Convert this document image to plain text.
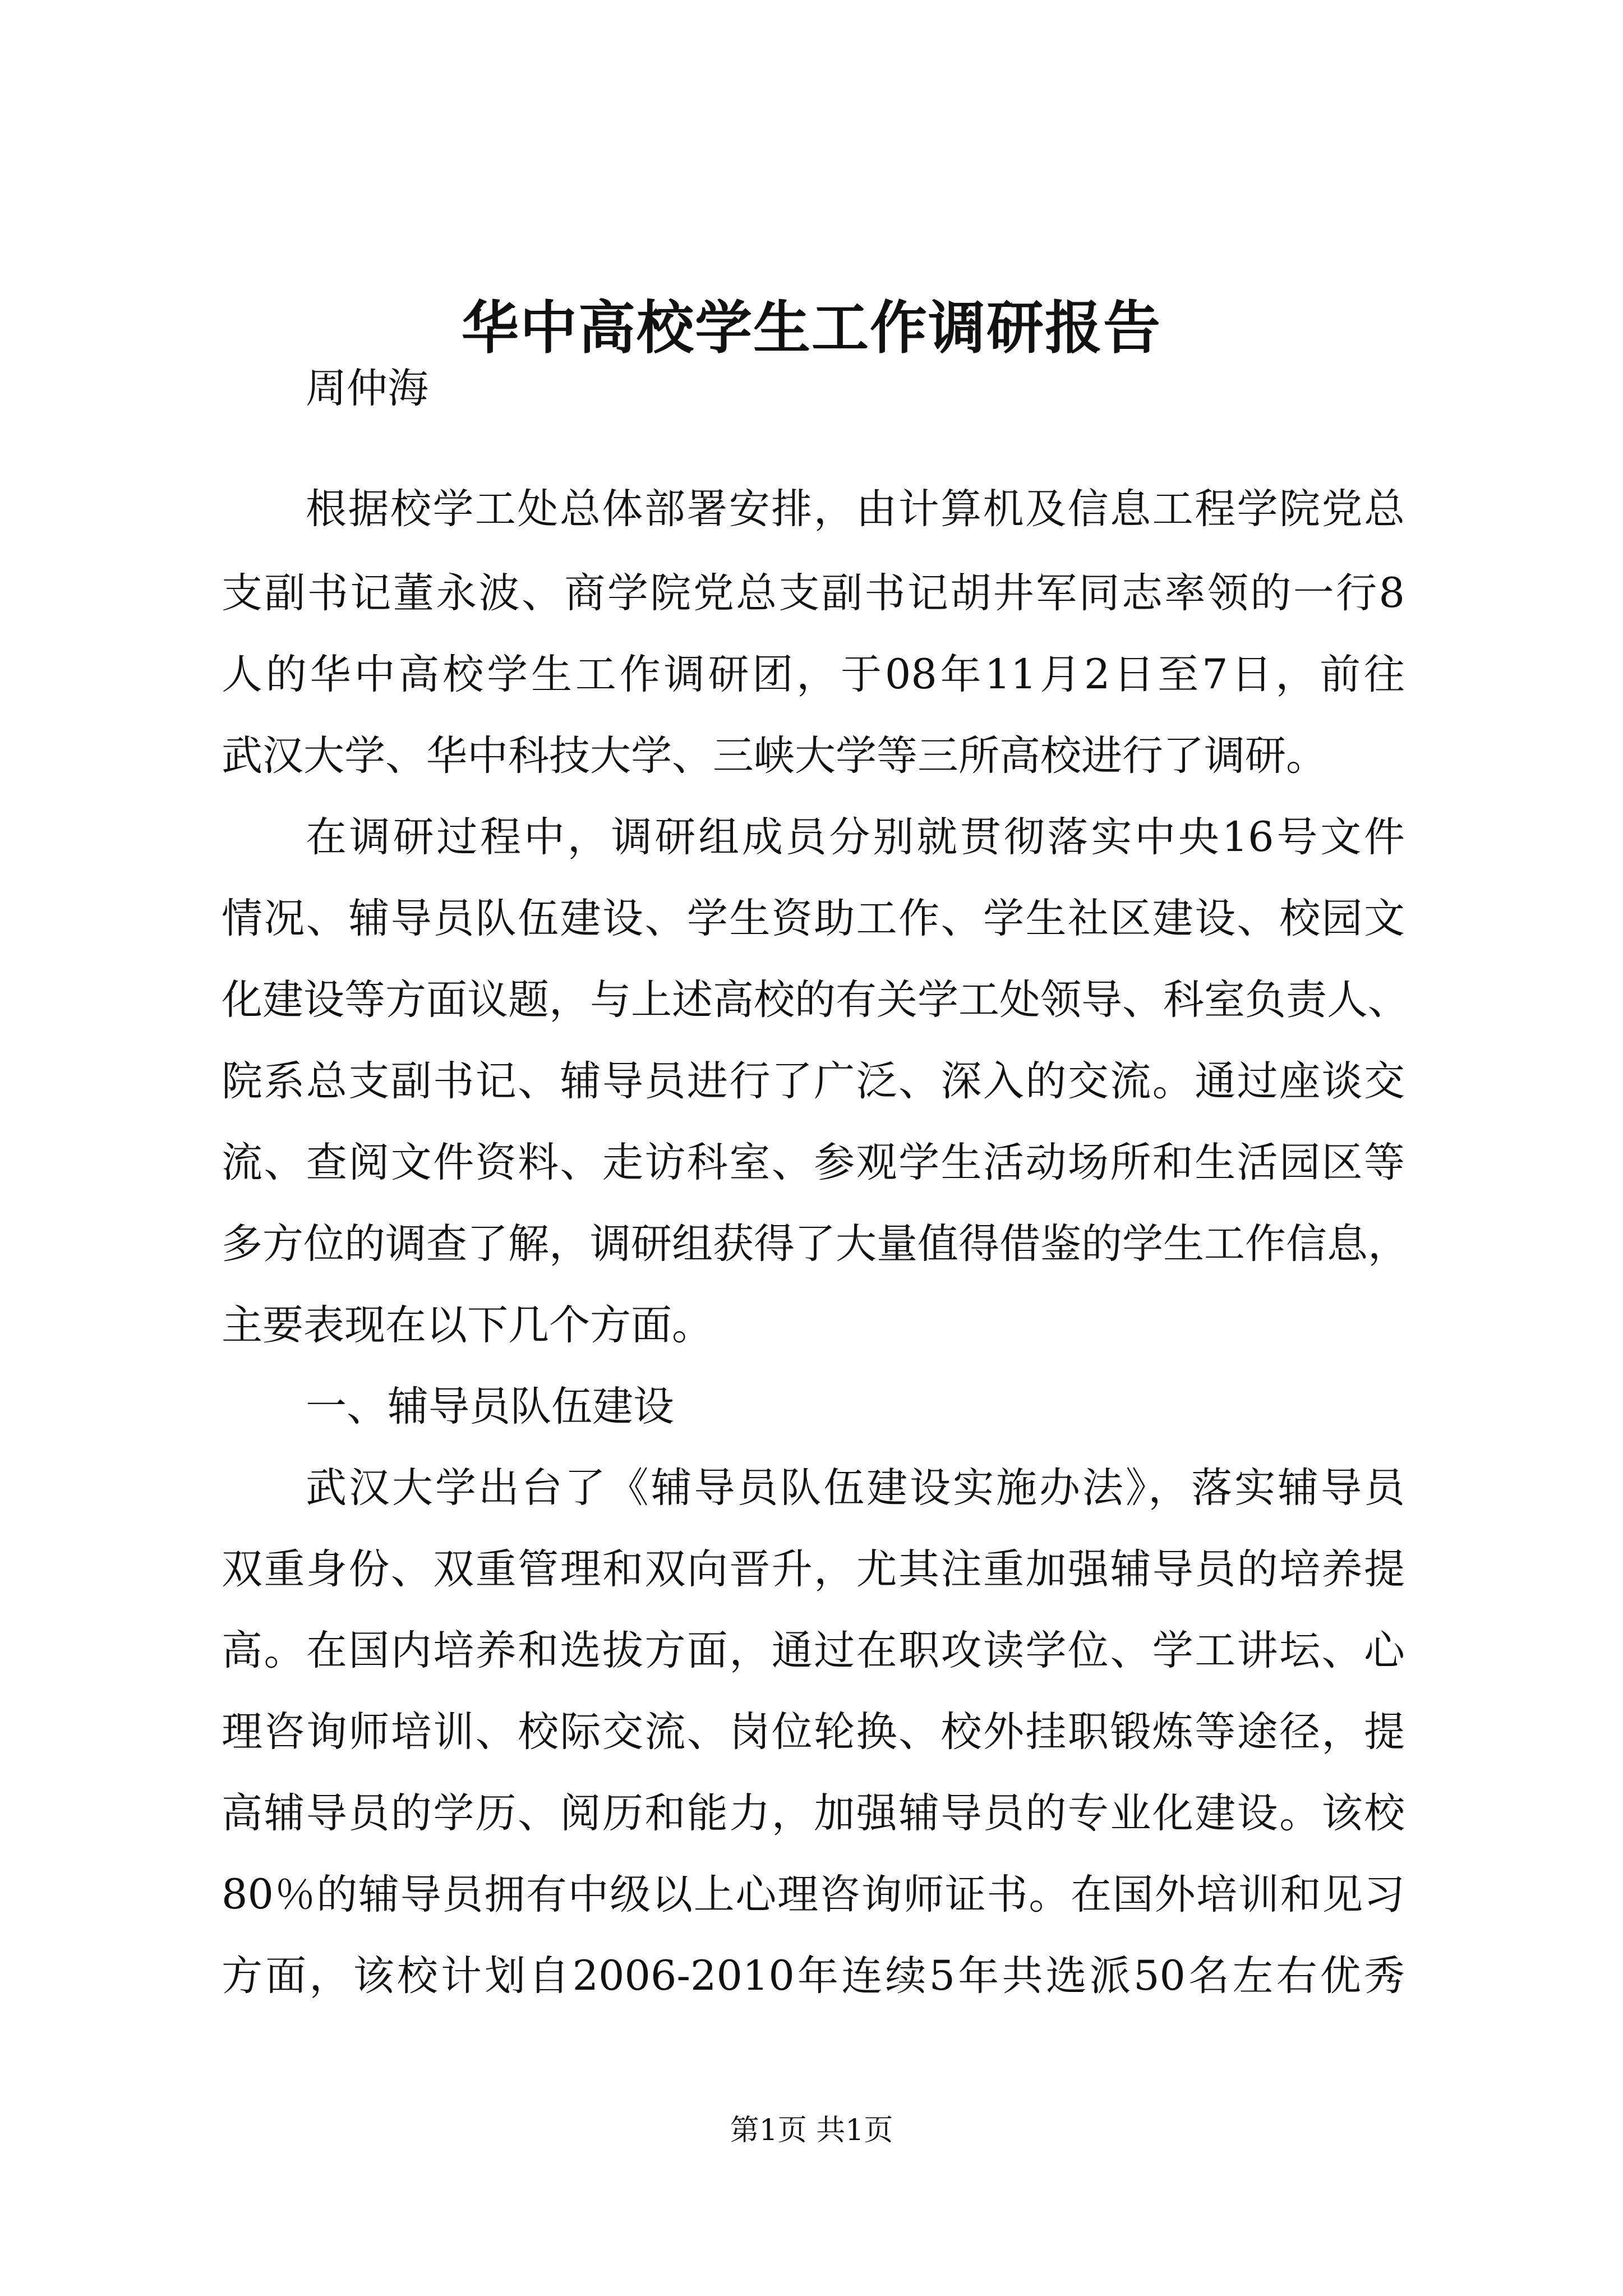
华中高校学生工作调研报告
周仲海
根据校学工处总体部署安排，由计算机及信息工程学院党总
支副书记董永波、商学院党总支副书记胡井军同志率领的一行8
人的华中高校学生工作调研团，于08年11月2日至7日，前往
武汉大学、华中科技大学、三峡大学等三所高校进行了调研。
在调研过程中，调研组成员分别就贯彻落实中央16号文件
情况、辅导员队伍建设、学生资助工作、学生社区建设、校园文
化建设等方面议题，与上述高校的有关学工处领导、科室负责人、
院系总支副书记、辅导员进行了广泛、深入的交流。通过座谈交
流、查阅文件资料、走访科室、参观学生活动场所和生活园区等
多方位的调查了解，调研组获得了大量值得借鉴的学生工作信息，
主要表现在以下几个方面。
一、辅导员队伍建设
武汉大学出台了《辅导员队伍建设实施办法》，落实辅导员
双重身份、双重管理和双向晋升，尤其注重加强辅导员的培养提
高。在国内培养和选拔方面，通过在职攻读学位、学工讲坛、心
理咨询师培训、校际交流、岗位轮换、校外挂职锻炼等途径，提
高辅导员的学历、阅历和能力，加强辅导员的专业化建设。该校
80％的辅导员拥有中级以上心理咨询师证书。在国外培训和见习
方面，该校计划自2006-2010年连续5年共选派50名左右优秀
第1页 共1页
